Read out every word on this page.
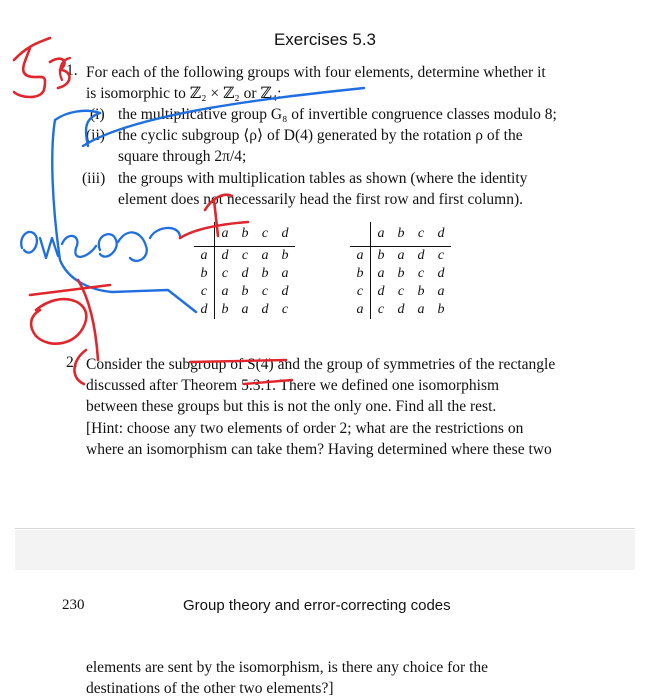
Exercises 5.3
1. For each of the following groups with four elements, determine whether it
is isomorphic to ℤ₂ × ℤ₂ or ℤ₄:
(i) the multiplicative group G₈ of invertible congruence classes modulo 8;
(ii) the cyclic subgroup ⟨ρ⟩ of D(4) generated by the rotation ρ of the
square through 2π/4;
(iii) the groups with multiplication tables as shown (where the identity
element does not necessarily head the first row and first column).
	a	b	c	d
a	d	c	a	b
b	c	d	b	a
c	a	b	c	d
d	b	a	d	c
	a	b	c	d
a	b	a	d	c
b	a	b	c	d
c	d	c	b	a
a	c	d	a	b
2. Consider the subgroup of S(4) and the group of symmetries of the rectangle
discussed after Theorem 5.3.1. There we defined one isomorphism
between these groups but this is not the only one. Find all the rest.
[Hint: choose any two elements of order 2; what are the restrictions on
where an isomorphism can take them? Having determined where these two
230	Group theory and error-correcting codes
elements are sent by the isomorphism, is there any choice for the
destinations of the other two elements?]
